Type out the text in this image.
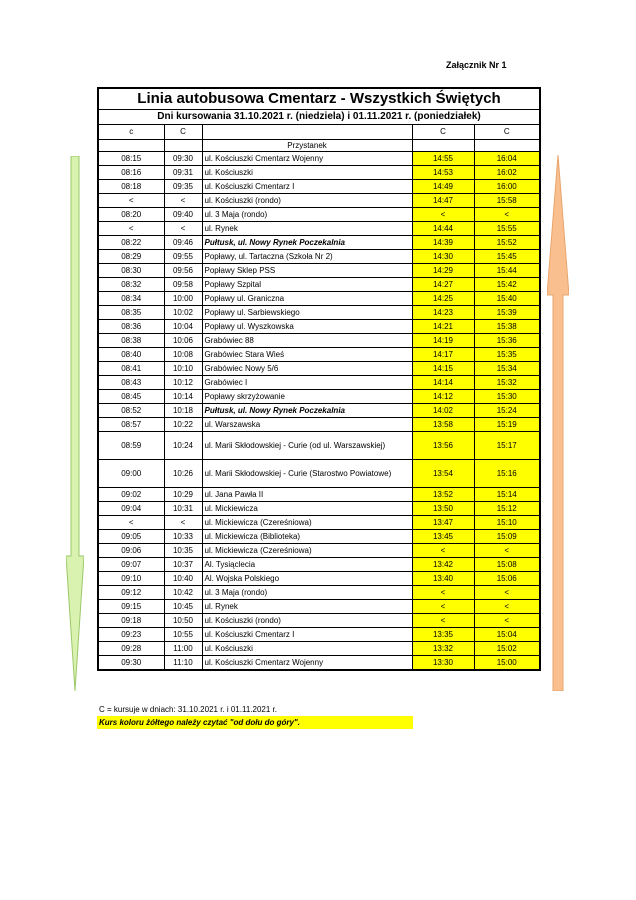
Załącznik Nr 1
Linia autobusowa Cmentarz - Wszystkich Świętych				
Dni kursowania 31.10.2021 r. (niedziela) i 01.11.2021 r. (poniedziałek)				
c	C		C	C
		Przystanek		
08:15	09:30	ul. Kościuszki Cmentarz Wojenny	14:55	16:04
08:16	09:31	ul. Kościuszki	14:53	16:02
08:18	09:35	ul. Kościuszki Cmentarz I	14:49	16:00
<	<	ul. Kościuszki (rondo)	14:47	15:58
08:20	09:40	ul. 3 Maja (rondo)	<	<
<	<	ul. Rynek	14:44	15:55
08:22	09:46	Pułtusk, ul. Nowy Rynek Poczekalnia	14:39	15:52
08:29	09:55	Popławy, ul. Tartaczna (Szkoła Nr 2)	14:30	15:45
08:30	09:56	Popławy Sklep PSS	14:29	15:44
08:32	09:58	Popławy Szpital	14:27	15:42
08:34	10:00	Popławy ul. Graniczna	14:25	15:40
08:35	10:02	Popławy ul. Sarbiewskiego	14:23	15:39
08:36	10:04	Popławy ul. Wyszkowska	14:21	15:38
08:38	10:06	Grabówiec 88	14:19	15:36
08:40	10:08	Grabówiec Stara Wieś	14:17	15:35
08:41	10:10	Grabówiec Nowy 5/6	14:15	15:34
08:43	10:12	Grabówiec I	14:14	15:32
08:45	10:14	Popławy skrzyżowanie	14:12	15:30
08:52	10:18	Pułtusk, ul. Nowy Rynek Poczekalnia	14:02	15:24
08:57	10:22	ul. Warszawska	13:58	15:19
08:59	10:24	ul. Marii Skłodowskiej - Curie (od ul. Warszawskiej)	13:56	15:17
09:00	10:26	ul. Marii Skłodowskiej - Curie (Starostwo Powiatowe)	13:54	15:16
09:02	10:29	ul. Jana Pawła II	13:52	15:14
09:04	10:31	ul. Mickiewicza	13:50	15:12
<	<	ul. Mickiewicza (Czereśniowa)	13:47	15:10
09:05	10:33	ul. Mickiewicza (Biblioteka)	13:45	15:09
09:06	10:35	ul. Mickiewicza (Czereśniowa)	<	<
09:07	10:37	Al. Tysiąclecia	13:42	15:08
09:10	10:40	Al. Wojska Polskiego	13:40	15:06
09:12	10:42	ul. 3 Maja (rondo)	<	<
09:15	10:45	ul. Rynek	<	<
09:18	10:50	ul. Kościuszki (rondo)	<	<
09:23	10:55	ul. Kościuszki Cmentarz I	13:35	15:04
09:28	11:00	ul. Kościuszki	13:32	15:02
09:30	11:10	ul. Kościuszki Cmentarz Wojenny	13:30	15:00
C = kursuje w dniach: 31.10.2021 r. i 01.11.2021 r.
Kurs koloru żółtego należy czytać "od dołu do góry".
